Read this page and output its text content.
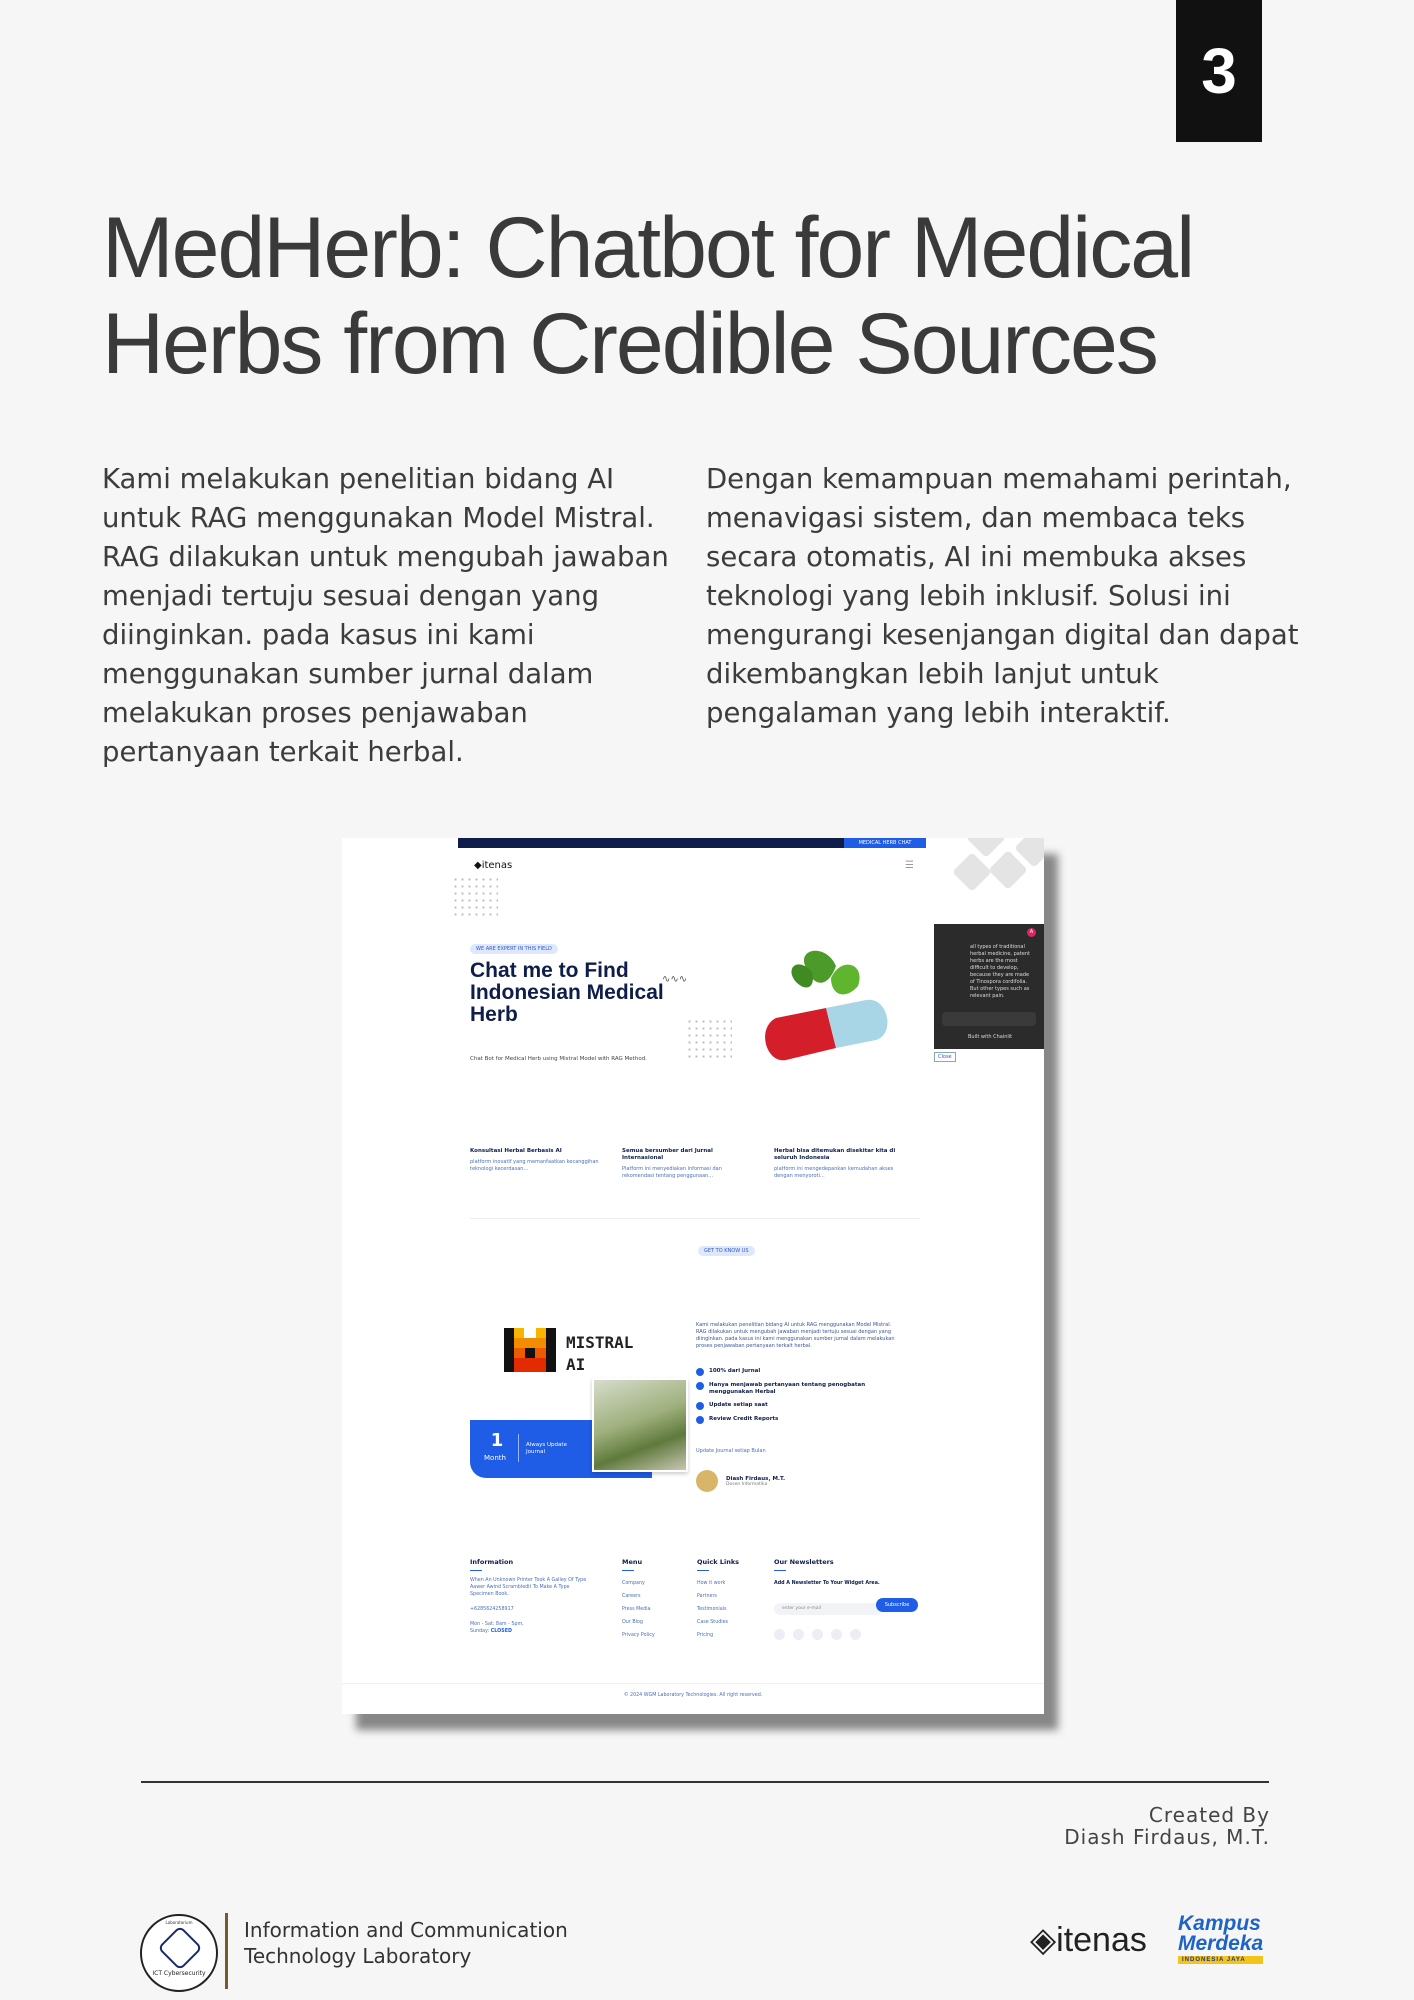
3
MedHerb: Chatbot for Medical Herbs from Credible Sources

Kami melakukan penelitian bidang AI untuk RAG menggunakan Model Mistral. RAG dilakukan untuk mengubah jawaban menjadi tertuju sesuai dengan yang diinginkan. pada kasus ini kami menggunakan sumber jurnal dalam melakukan proses penjawaban pertanyaan terkait herbal.

Dengan kemampuan memahami perintah, menavigasi sistem, dan membaca teks secara otomatis, AI ini membuka akses teknologi yang lebih inklusif. Solusi ini mengurangi kesenjangan digital dan dapat dikembangkan lebih lanjut untuk pengalaman yang lebih interaktif.

MEDICAL HERB CHAT
◆itenas	☰
WE ARE EXPERT IN THIS FIELD
Chat me to Find Indonesian Medical Herb
Chat Bot for Medical Herb using Mistral Model with RAG Method.
∿∿∿
A
all types of traditional herbal medicine, patent herbs are the most difficult to develop, because they are made of Tinospora cordifolia. But other types such as relevant pain.
Built with Chainlit
Close
Konsultasi Herbal Berbasis AI
platform inovatif yang memanfaatkan kecanggihan teknologi kecerdasan...
Semua bersumber dari Jurnal Internasional
Platform ini menyediakan informasi dan rekomendasi tentang penggunaan...
Herbal bisa ditemukan disekitar kita di seluruh Indonesia
platform ini mengedepankan kemudahan akses dengan menyoroti...
GET TO KNOW US
MISTRAL AI
1
Month
Always Update Journal
Kami melakukan penelitian bidang AI untuk RAG menggunakan Model Mistral. RAG dilakukan untuk mengubah jawaban menjadi tertuju sesuai dengan yang diinginkan. pada kasus ini kami menggunakan sumber jurnal dalam melakukan proses penjawaban pertanyaan terkait herbal.
100% dari Jurnal
Hanya menjawab pertanyaan tentang penogbatan menggunakan Herbal
Update setiap saat
Review Credit Reports
Update Journal setiap Bulan
Diash Firdaus, M.T.
Dosen Informatika
Information
When An Unknown Printer Took A Galley Of Type Aawer Awind Scrambledit To Make A Type Specimen Book.
+6285624258917
Mon - Sat: 8am - 5pm,
Sunday: CLOSED
Menu
Company
Careers
Press Media
Our Blog
Privacy Policy
Quick Links
How it work
Partners
Testimonials
Case Studies
Pricing
Our Newsletters
Add A Newsletter To Your Widget Area.
enter your e-mailSubscribe
© 2024 WGM Laboratory Technologies. All right reserved.
Created By
Diash Firdaus, M.T.
Laboratorium
ICT Cybersecurity
Information and Communication
Technology Laboratory	◈itenas Kampus
Merdeka
INDONESIA JAYA
